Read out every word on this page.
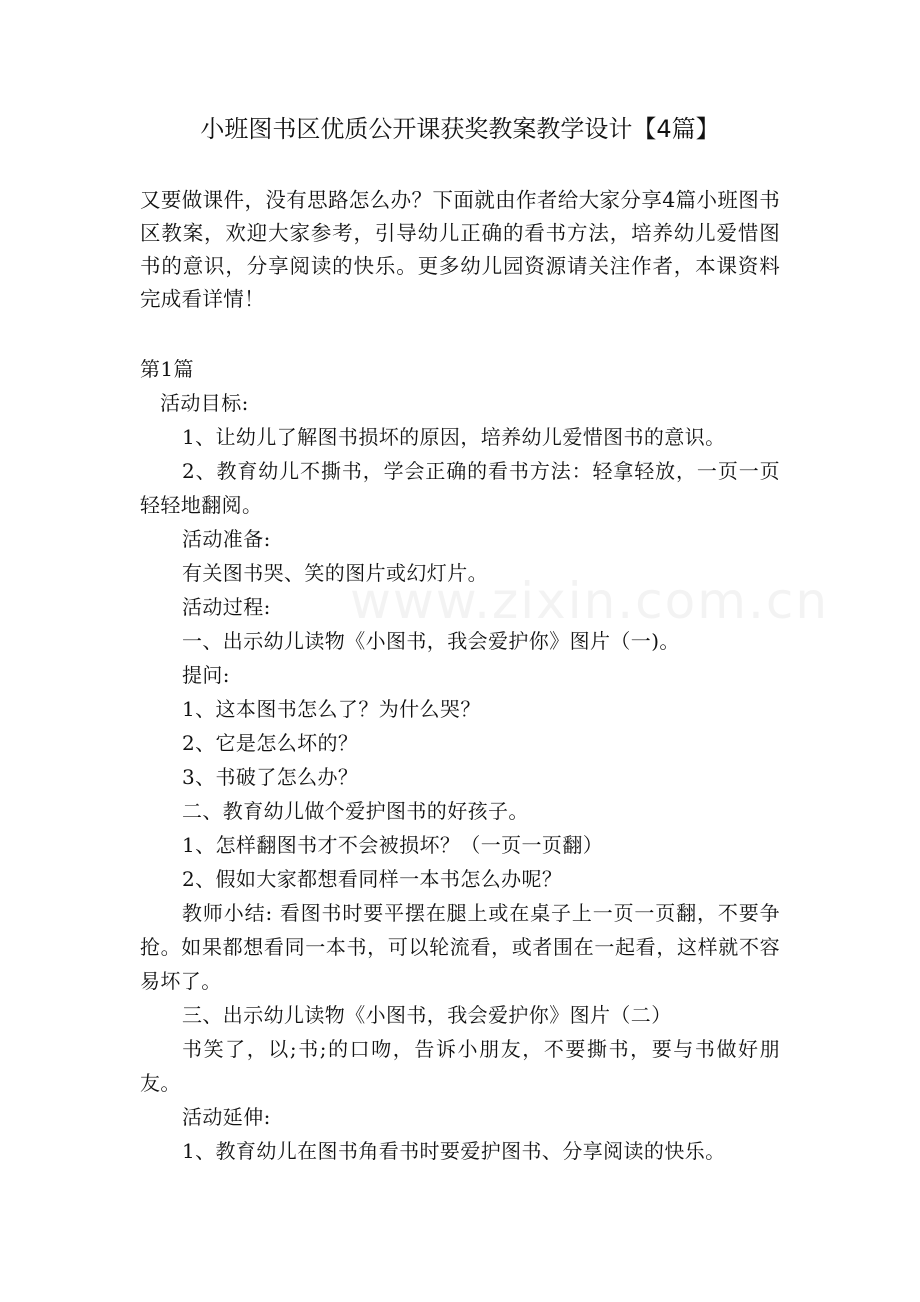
www.zixin.com.cn
小班图书区优质公开课获奖教案教学设计【4篇】

又要做课件，没有思路怎么办？下面就由作者给大家分享4篇小班图书区教案，欢迎大家参考，引导幼儿正确的看书方法，培养幼儿爱惜图书的意识，分享阅读的快乐。更多幼儿园资源请关注作者，本课资料完成看详情！

第1篇

活动目标:

1、让幼儿了解图书损坏的原因，培养幼儿爱惜图书的意识。

2、教育幼儿不撕书，学会正确的看书方法：轻拿轻放，一页一页轻轻地翻阅。

活动准备:

有关图书哭、笑的图片或幻灯片。

活动过程:

一、出示幼儿读物《小图书，我会爱护你》图片（一)。

提问:

1、这本图书怎么了？为什么哭？

2、它是怎么坏的？

3、书破了怎么办？

二、教育幼儿做个爱护图书的好孩子。

1、怎样翻图书才不会被损坏？（一页一页翻）

2、假如大家都想看同样一本书怎么办呢？

教师小结: 看图书时要平摆在腿上或在桌子上一页一页翻，不要争抢。如果都想看同一本书，可以轮流看，或者围在一起看，这样就不容易坏了。

三、出示幼儿读物《小图书，我会爱护你》图片（二）

书笑了，以;书;的口吻，告诉小朋友，不要撕书，要与书做好朋友。

活动延伸:

1、教育幼儿在图书角看书时要爱护图书、分享阅读的快乐。
